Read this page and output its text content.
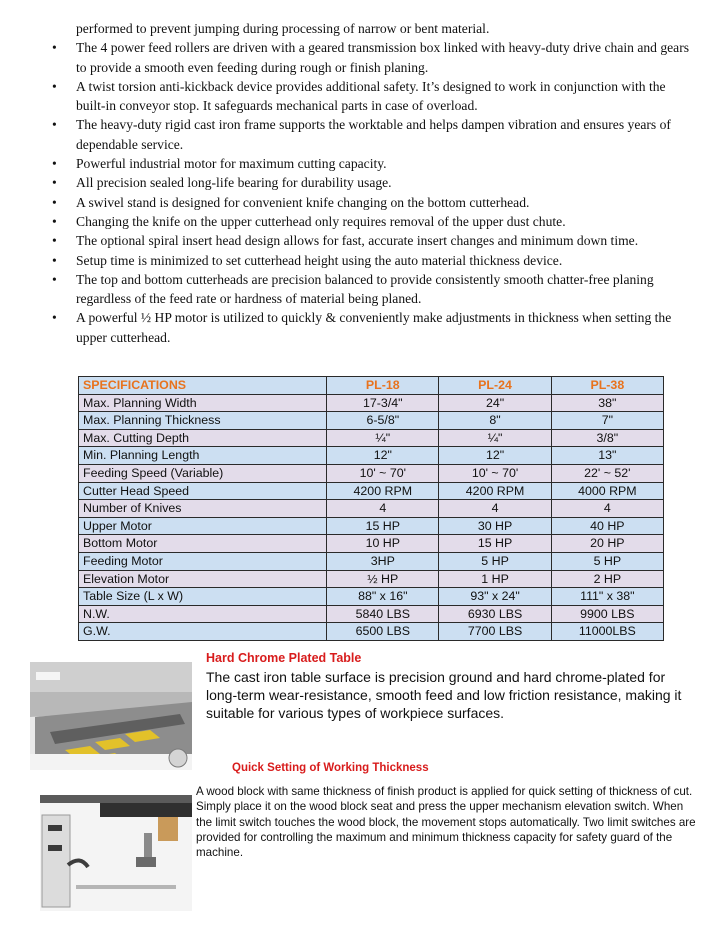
performed to prevent jumping during processing of narrow or bent material.
• The 4 power feed rollers are driven with a geared transmission box linked with heavy-duty drive chain and gears to provide a smooth even feeding during rough or finish planing.
• A twist torsion anti-kickback device provides additional safety. It’s designed to work in conjunction with the built-in conveyor stop. It safeguards mechanical parts in case of overload.
• The heavy-duty rigid cast iron frame supports the worktable and helps dampen vibration and ensures years of dependable service.
• Powerful industrial motor for maximum cutting capacity.
• All precision sealed long-life bearing for durability usage.
• A swivel stand is designed for convenient knife changing on the bottom cutterhead.
• Changing the knife on the upper cutterhead only requires removal of the upper dust chute.
• The optional spiral insert head design allows for fast, accurate insert changes and minimum down time.
• Setup time is minimized to set cutterhead height using the auto material thickness device.
• The top and bottom cutterheads are precision balanced to provide consistently smooth chatter-free planing regardless of the feed rate or hardness of material being planed.
• A powerful ½ HP motor is utilized to quickly & conveniently make adjustments in thickness when setting the upper cutterhead.
SPECIFICATIONS	PL-18	PL-24	PL-38
Max. Planning Width	17-3/4"	24"	38"
Max. Planning Thickness	6-5/8"	8"	7"
Max. Cutting Depth	¼"	¼"	3/8"
Min. Planning Length	12"	12"	13"
Feeding Speed (Variable)	10' ~ 70'	10' ~ 70'	22' ~ 52'
Cutter Head Speed	4200 RPM	4200 RPM	4000 RPM
Number of Knives	4	4	4
Upper Motor	15 HP	30 HP	40 HP
Bottom Motor	10 HP	15 HP	20 HP
Feeding Motor	3HP	5 HP	5 HP
Elevation Motor	½ HP	1 HP	2 HP
Table Size (L x W)	88" x 16"	93" x 24"	111" x 38"
N.W.	5840 LBS	6930 LBS	9900 LBS
G.W.	6500 LBS	7700 LBS	11000LBS
Hard Chrome Plated Table
The cast iron table surface is precision ground and hard chrome-plated for long-term wear-resistance, smooth feed and low friction resistance, making it suitable for various types of workpiece surfaces.
Quick Setting of Working Thickness
A wood block with same thickness of finish product is applied for quick setting of thickness of cut. Simply place it on the wood block seat and press the upper mechanism elevation switch. When the limit switch touches the wood block, the movement stops automatically. Two limit switches are provided for controlling the maximum and minimum thickness capacity for safety guard of the machine.
